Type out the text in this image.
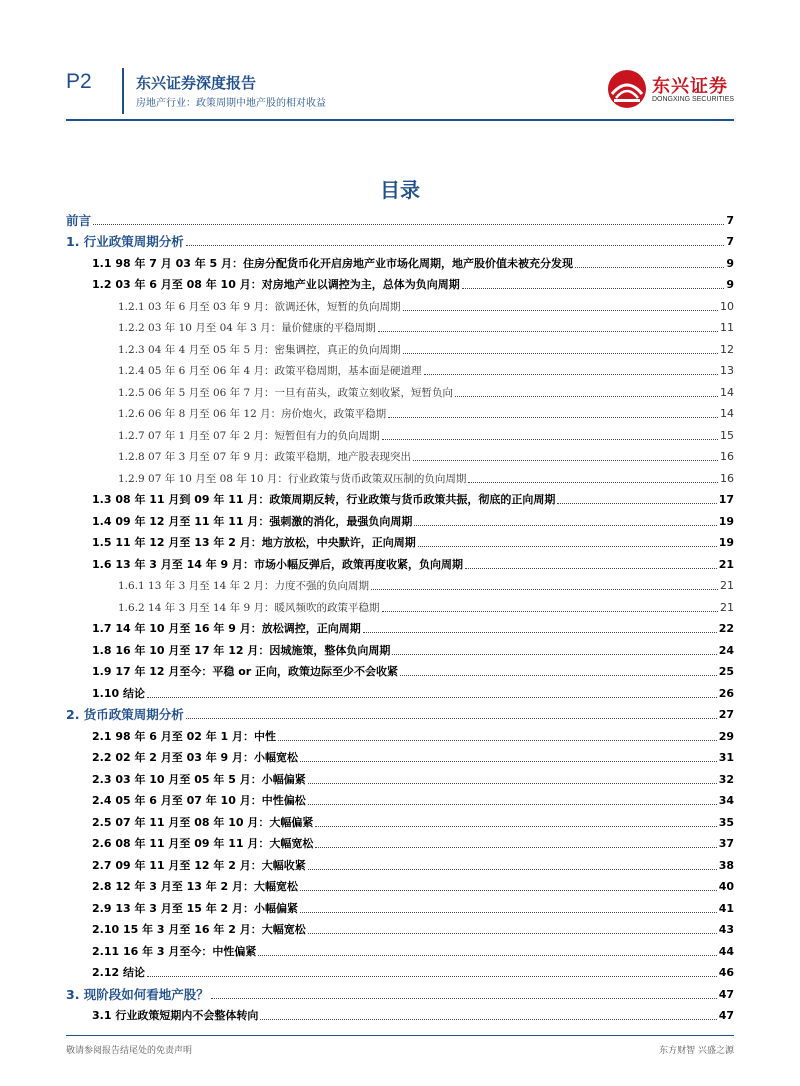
P2	东兴证券深度报告
房地产行业：政策周期中地产股的相对收益
东兴证券
DONGXING SECURITIES
目录
前言	7
1. 行业政策周期分析	7
1.1 98 年 7 月 03 年 5 月：住房分配货币化开启房地产业市场化周期，地产股价值未被充分发现	9
1.2 03 年 6 月至 08 年 10 月：对房地产业以调控为主，总体为负向周期	9
1.2.1 03 年 6 月至 03 年 9 月：欲调还休，短暂的负向周期	10
1.2.2 03 年 10 月至 04 年 3 月：量价健康的平稳周期	11
1.2.3 04 年 4 月至 05 年 5 月：密集调控，真正的负向周期	12
1.2.4 05 年 6 月至 06 年 4 月：政策平稳周期，基本面是硬道理	13
1.2.5 06 年 5 月至 06 年 7 月：一旦有苗头，政策立刻收紧，短暂负向	14
1.2.6 06 年 8 月至 06 年 12 月：房价炮火，政策平稳期	14
1.2.7 07 年 1 月至 07 年 2 月：短暂但有力的负向周期	15
1.2.8 07 年 3 月至 07 年 9 月：政策平稳期，地产股表现突出	16
1.2.9 07 年 10 月至 08 年 10 月：行业政策与货币政策双压制的负向周期	16
1.3 08 年 11 月到 09 年 11 月：政策周期反转，行业政策与货币政策共振，彻底的正向周期	17
1.4 09 年 12 月至 11 年 11 月：强刺激的消化，最强负向周期	19
1.5 11 年 12 月至 13 年 2 月：地方放松，中央默许，正向周期	19
1.6 13 年 3 月至 14 年 9 月：市场小幅反弹后，政策再度收紧，负向周期	21
1.6.1 13 年 3 月至 14 年 2 月：力度不强的负向周期	21
1.6.2 14 年 3 月至 14 年 9 月：暖风频吹的政策平稳期	21
1.7 14 年 10 月至 16 年 9 月：放松调控，正向周期	22
1.8 16 年 10 月至 17 年 12 月：因城施策，整体负向周期	24
1.9 17 年 12 月至今：平稳 or 正向，政策边际至少不会收紧	25
1.10 结论	26
2. 货币政策周期分析	27
2.1 98 年 6 月至 02 年 1 月：中性	29
2.2 02 年 2 月至 03 年 9 月：小幅宽松	31
2.3 03 年 10 月至 05 年 5 月：小幅偏紧	32
2.4 05 年 6 月至 07 年 10 月：中性偏松	34
2.5 07 年 11 月至 08 年 10 月：大幅偏紧	35
2.6 08 年 11 月至 09 年 11 月：大幅宽松	37
2.7 09 年 11 月至 12 年 2 月：大幅收紧	38
2.8 12 年 3 月至 13 年 2 月：大幅宽松	40
2.9 13 年 3 月至 15 年 2 月：小幅偏紧	41
2.10 15 年 3 月至 16 年 2 月：大幅宽松	43
2.11 16 年 3 月至今：中性偏紧	44
2.12 结论	46
3. 现阶段如何看地产股？	47
3.1 行业政策短期内不会整体转向	47
敬请参阅报告结尾处的免责声明	东方财智 兴盛之源
